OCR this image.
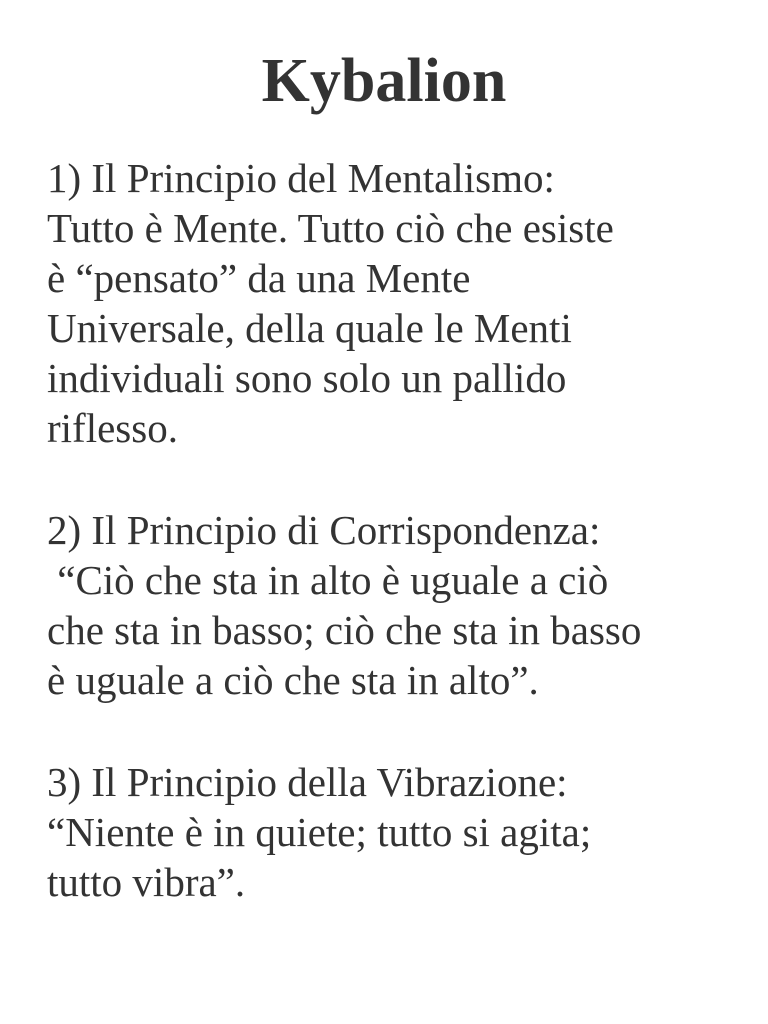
Kybalion
1) Il Principio del Mentalismo:
Tutto è Mente. Tutto ciò che esiste
è “pensato” da una Mente
Universale, della quale le Menti
individuali sono solo un pallido
riflesso.
2) Il Principio di Corrispondenza:
“Ciò che sta in alto è uguale a ciò
che sta in basso; ciò che sta in basso
è uguale a ciò che sta in alto”.
3) Il Principio della Vibrazione:
“Niente è in quiete; tutto si agita;
tutto vibra”.
